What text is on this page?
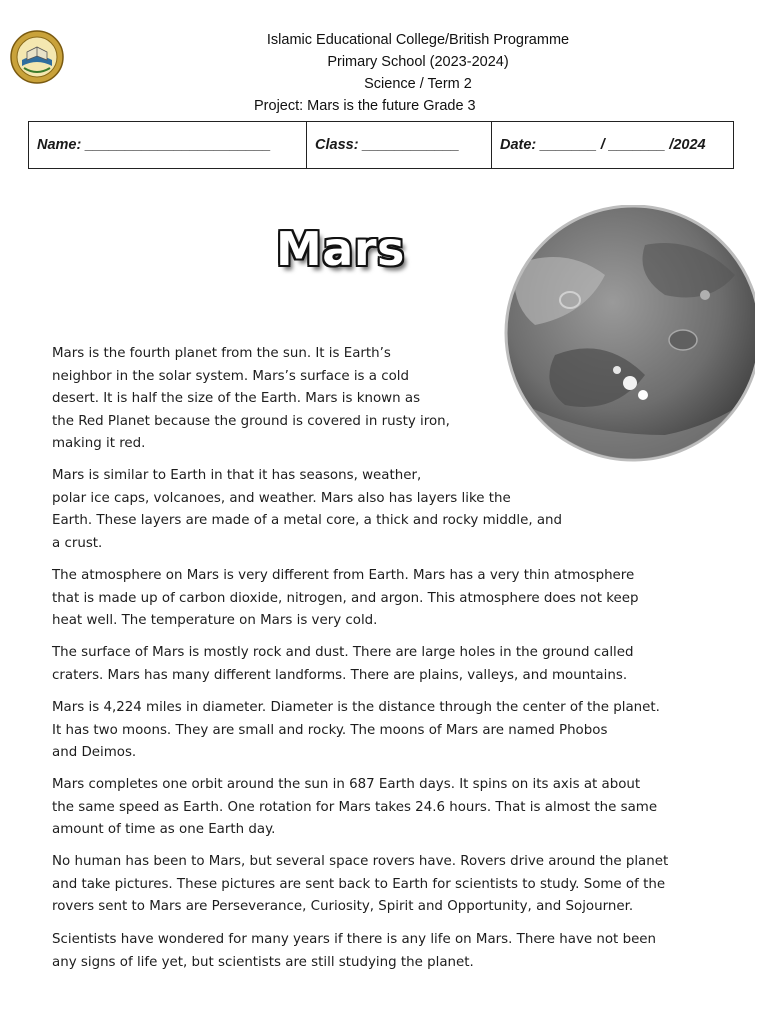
Islamic Educational College/British Programme
Primary School (2023-2024)
Science / Term 2
Project: Mars is the future Grade 3
Name: _______________________	Class: ____________	Date: _______ / _______ /2024
Mars
Mars is the fourth planet from the sun. It is Earth’s
neighbor in the solar system. Mars’s surface is a cold
desert. It is half the size of the Earth. Mars is known as
the Red Planet because the ground is covered in rusty iron,
making it red.
Mars is similar to Earth in that it has seasons, weather,
polar ice caps, volcanoes, and weather. Mars also has layers like the
Earth. These layers are made of a metal core, a thick and rocky middle, and
a crust.
The atmosphere on Mars is very different from Earth. Mars has a very thin atmosphere
that is made up of carbon dioxide, nitrogen, and argon. This atmosphere does not keep
heat well. The temperature on Mars is very cold.
The surface of Mars is mostly rock and dust. There are large holes in the ground called
craters. Mars has many different landforms. There are plains, valleys, and mountains.
Mars is 4,224 miles in diameter. Diameter is the distance through the center of the planet.
It has two moons. They are small and rocky. The moons of Mars are named Phobos
and Deimos.
Mars completes one orbit around the sun in 687 Earth days. It spins on its axis at about
the same speed as Earth. One rotation for Mars takes 24.6 hours. That is almost the same
amount of time as one Earth day.
No human has been to Mars, but several space rovers have. Rovers drive around the planet
and take pictures. These pictures are sent back to Earth for scientists to study. Some of the
rovers sent to Mars are Perseverance, Curiosity, Spirit and Opportunity, and Sojourner.
Scientists have wondered for many years if there is any life on Mars. There have not been
any signs of life yet, but scientists are still studying the planet.
